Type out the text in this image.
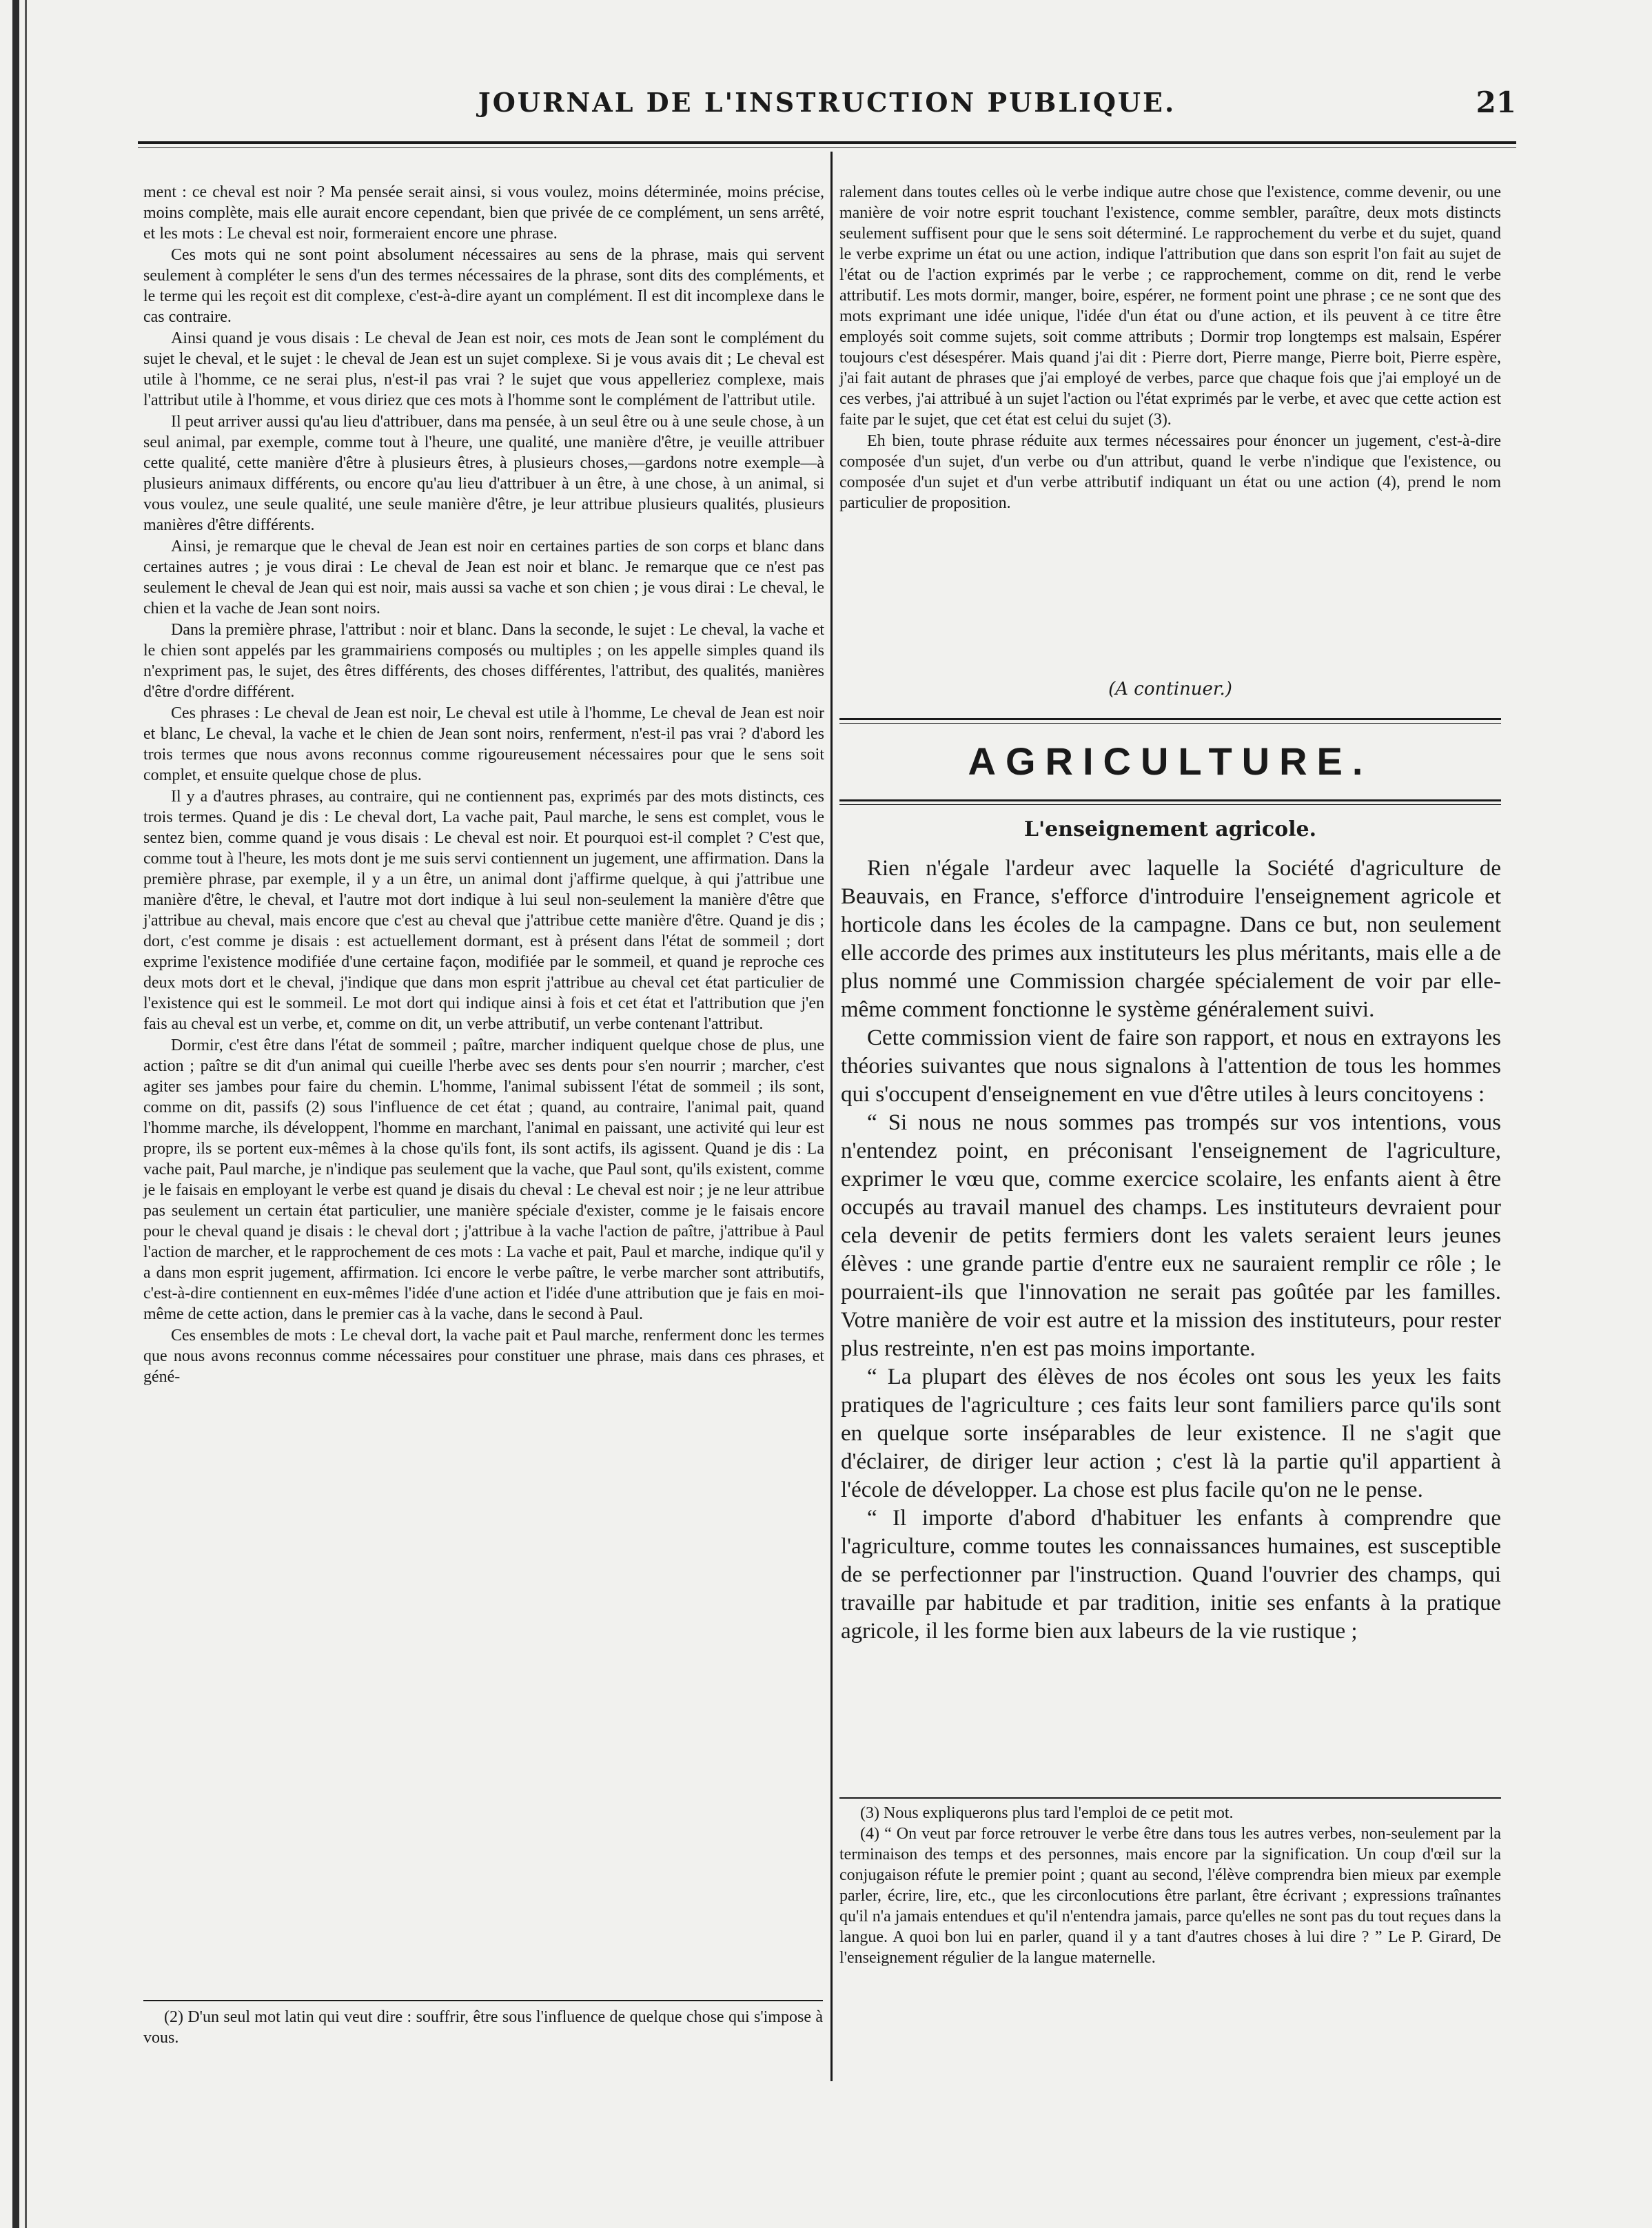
JOURNAL DE L'INSTRUCTION PUBLIQUE.	21

ment : ce cheval est noir ? Ma pensée serait ainsi, si vous voulez, moins déterminée, moins précise, moins complète, mais elle aurait encore cependant, bien que privée de ce complément, un sens arrêté, et les mots : Le cheval est noir, formeraient encore une phrase.

Ces mots qui ne sont point absolument nécessaires au sens de la phrase, mais qui servent seulement à compléter le sens d'un des termes nécessaires de la phrase, sont dits des compléments, et le terme qui les reçoit est dit complexe, c'est-à-dire ayant un complément. Il est dit incomplexe dans le cas contraire.

Ainsi quand je vous disais : Le cheval de Jean est noir, ces mots de Jean sont le complément du sujet le cheval, et le sujet : le cheval de Jean est un sujet complexe. Si je vous avais dit ; Le cheval est utile à l'homme, ce ne serai plus, n'est-il pas vrai ? le sujet que vous appelleriez complexe, mais l'attribut utile à l'homme, et vous diriez que ces mots à l'homme sont le complément de l'attribut utile.

Il peut arriver aussi qu'au lieu d'attribuer, dans ma pensée, à un seul être ou à une seule chose, à un seul animal, par exemple, comme tout à l'heure, une qualité, une manière d'être, je veuille attribuer cette qualité, cette manière d'être à plusieurs êtres, à plusieurs choses,—gardons notre exemple—à plusieurs animaux différents, ou encore qu'au lieu d'attribuer à un être, à une chose, à un animal, si vous voulez, une seule qualité, une seule manière d'être, je leur attribue plusieurs qualités, plusieurs manières d'être différents.

Ainsi, je remarque que le cheval de Jean est noir en certaines parties de son corps et blanc dans certaines autres ; je vous dirai : Le cheval de Jean est noir et blanc. Je remarque que ce n'est pas seulement le cheval de Jean qui est noir, mais aussi sa vache et son chien ; je vous dirai : Le cheval, le chien et la vache de Jean sont noirs.

Dans la première phrase, l'attribut : noir et blanc. Dans la seconde, le sujet : Le cheval, la vache et le chien sont appelés par les grammairiens composés ou multiples ; on les appelle simples quand ils n'expriment pas, le sujet, des êtres différents, des choses différentes, l'attribut, des qualités, manières d'être d'ordre différent.

Ces phrases : Le cheval de Jean est noir, Le cheval est utile à l'homme, Le cheval de Jean est noir et blanc, Le cheval, la vache et le chien de Jean sont noirs, renferment, n'est-il pas vrai ? d'abord les trois termes que nous avons reconnus comme rigoureusement nécessaires pour que le sens soit complet, et ensuite quelque chose de plus.

Il y a d'autres phrases, au contraire, qui ne contiennent pas, exprimés par des mots distincts, ces trois termes. Quand je dis : Le cheval dort, La vache pait, Paul marche, le sens est complet, vous le sentez bien, comme quand je vous disais : Le cheval est noir. Et pourquoi est-il complet ? C'est que, comme tout à l'heure, les mots dont je me suis servi contiennent un jugement, une affirmation. Dans la première phrase, par exemple, il y a un être, un animal dont j'affirme quelque, à qui j'attribue une manière d'être, le cheval, et l'autre mot dort indique à lui seul non-seulement la manière d'être que j'attribue au cheval, mais encore que c'est au cheval que j'attribue cette manière d'être. Quand je dis ; dort, c'est comme je disais : est actuellement dormant, est à présent dans l'état de sommeil ; dort exprime l'existence modifiée d'une certaine façon, modifiée par le sommeil, et quand je reproche ces deux mots dort et le cheval, j'indique que dans mon esprit j'attribue au cheval cet état particulier de l'existence qui est le sommeil. Le mot dort qui indique ainsi à fois et cet état et l'attribution que j'en fais au cheval est un verbe, et, comme on dit, un verbe attributif, un verbe contenant l'attribut.

Dormir, c'est être dans l'état de sommeil ; paître, marcher indiquent quelque chose de plus, une action ; paître se dit d'un animal qui cueille l'herbe avec ses dents pour s'en nourrir ; marcher, c'est agiter ses jambes pour faire du chemin. L'homme, l'animal subissent l'état de sommeil ; ils sont, comme on dit, passifs (2) sous l'influence de cet état ; quand, au contraire, l'animal pait, quand l'homme marche, ils développent, l'homme en marchant, l'animal en paissant, une activité qui leur est propre, ils se portent eux-mêmes à la chose qu'ils font, ils sont actifs, ils agissent. Quand je dis : La vache pait, Paul marche, je n'indique pas seulement que la vache, que Paul sont, qu'ils existent, comme je le faisais en employant le verbe est quand je disais du cheval : Le cheval est noir ; je ne leur attribue pas seulement un certain état particulier, une manière spéciale d'exister, comme je le faisais encore pour le cheval quand je disais : le cheval dort ; j'attribue à la vache l'action de paître, j'attribue à Paul l'action de marcher, et le rapprochement de ces mots : La vache et pait, Paul et marche, indique qu'il y a dans mon esprit jugement, affirmation. Ici encore le verbe paître, le verbe marcher sont attributifs, c'est-à-dire contiennent en eux-mêmes l'idée d'une action et l'idée d'une attribution que je fais en moi-même de cette action, dans le premier cas à la vache, dans le second à Paul.

Ces ensembles de mots : Le cheval dort, la vache pait et Paul marche, renferment donc les termes que nous avons reconnus comme nécessaires pour constituer une phrase, mais dans ces phrases, et géné-

ralement dans toutes celles où le verbe indique autre chose que l'existence, comme devenir, ou une manière de voir notre esprit touchant l'existence, comme sembler, paraître, deux mots distincts seulement suffisent pour que le sens soit déterminé. Le rapprochement du verbe et du sujet, quand le verbe exprime un état ou une action, indique l'attribution que dans son esprit l'on fait au sujet de l'état ou de l'action exprimés par le verbe ; ce rapprochement, comme on dit, rend le verbe attributif. Les mots dormir, manger, boire, espérer, ne forment point une phrase ; ce ne sont que des mots exprimant une idée unique, l'idée d'un état ou d'une action, et ils peuvent à ce titre être employés soit comme sujets, soit comme attributs ; Dormir trop longtemps est malsain, Espérer toujours c'est désespérer. Mais quand j'ai dit : Pierre dort, Pierre mange, Pierre boit, Pierre espère, j'ai fait autant de phrases que j'ai employé de verbes, parce que chaque fois que j'ai employé un de ces verbes, j'ai attribué à un sujet l'action ou l'état exprimés par le verbe, et avec que cette action est faite par le sujet, que cet état est celui du sujet (3).

Eh bien, toute phrase réduite aux termes nécessaires pour énoncer un jugement, c'est-à-dire composée d'un sujet, d'un verbe ou d'un attribut, quand le verbe n'indique que l'existence, ou composée d'un sujet et d'un verbe attributif indiquant un état ou une action (4), prend le nom particulier de proposition.

(A continuer.)
AGRICULTURE.
L'enseignement agricole.

Rien n'égale l'ardeur avec laquelle la Société d'agriculture de Beauvais, en France, s'efforce d'introduire l'enseignement agricole et horticole dans les écoles de la campagne. Dans ce but, non seulement elle accorde des primes aux instituteurs les plus méritants, mais elle a de plus nommé une Commission chargée spécialement de voir par elle-même comment fonctionne le système généralement suivi.

Cette commission vient de faire son rapport, et nous en extrayons les théories suivantes que nous signalons à l'attention de tous les hommes qui s'occupent d'enseignement en vue d'être utiles à leurs concitoyens :

“ Si nous ne nous sommes pas trompés sur vos intentions, vous n'entendez point, en préconisant l'enseignement de l'agriculture, exprimer le vœu que, comme exercice scolaire, les enfants aient à être occupés au travail manuel des champs. Les instituteurs devraient pour cela devenir de petits fermiers dont les valets seraient leurs jeunes élèves : une grande partie d'entre eux ne sauraient remplir ce rôle ; le pourraient-ils que l'innovation ne serait pas goûtée par les familles. Votre manière de voir est autre et la mission des instituteurs, pour rester plus restreinte, n'en est pas moins importante.

“ La plupart des élèves de nos écoles ont sous les yeux les faits pratiques de l'agriculture ; ces faits leur sont familiers parce qu'ils sont en quelque sorte inséparables de leur existence. Il ne s'agit que d'éclairer, de diriger leur action ; c'est là la partie qu'il appartient à l'école de développer. La chose est plus facile qu'on ne le pense.

“ Il importe d'abord d'habituer les enfants à comprendre que l'agriculture, comme toutes les connaissances humaines, est susceptible de se perfectionner par l'instruction. Quand l'ouvrier des champs, qui travaille par habitude et par tradition, initie ses enfants à la pratique agricole, il les forme bien aux labeurs de la vie rustique ;

(3) Nous expliquerons plus tard l'emploi de ce petit mot.

(4) “ On veut par force retrouver le verbe être dans tous les autres verbes, non-seulement par la terminaison des temps et des personnes, mais encore par la signification. Un coup d'œil sur la conjugaison réfute le premier point ; quant au second, l'élève comprendra bien mieux par exemple parler, écrire, lire, etc., que les circonlocutions être parlant, être écrivant ; expressions traînantes qu'il n'a jamais entendues et qu'il n'entendra jamais, parce qu'elles ne sont pas du tout reçues dans la langue. A quoi bon lui en parler, quand il y a tant d'autres choses à lui dire ? ” Le P. Girard, De l'enseignement régulier de la langue maternelle.

(2) D'un seul mot latin qui veut dire : souffrir, être sous l'influence de quelque chose qui s'impose à vous.
